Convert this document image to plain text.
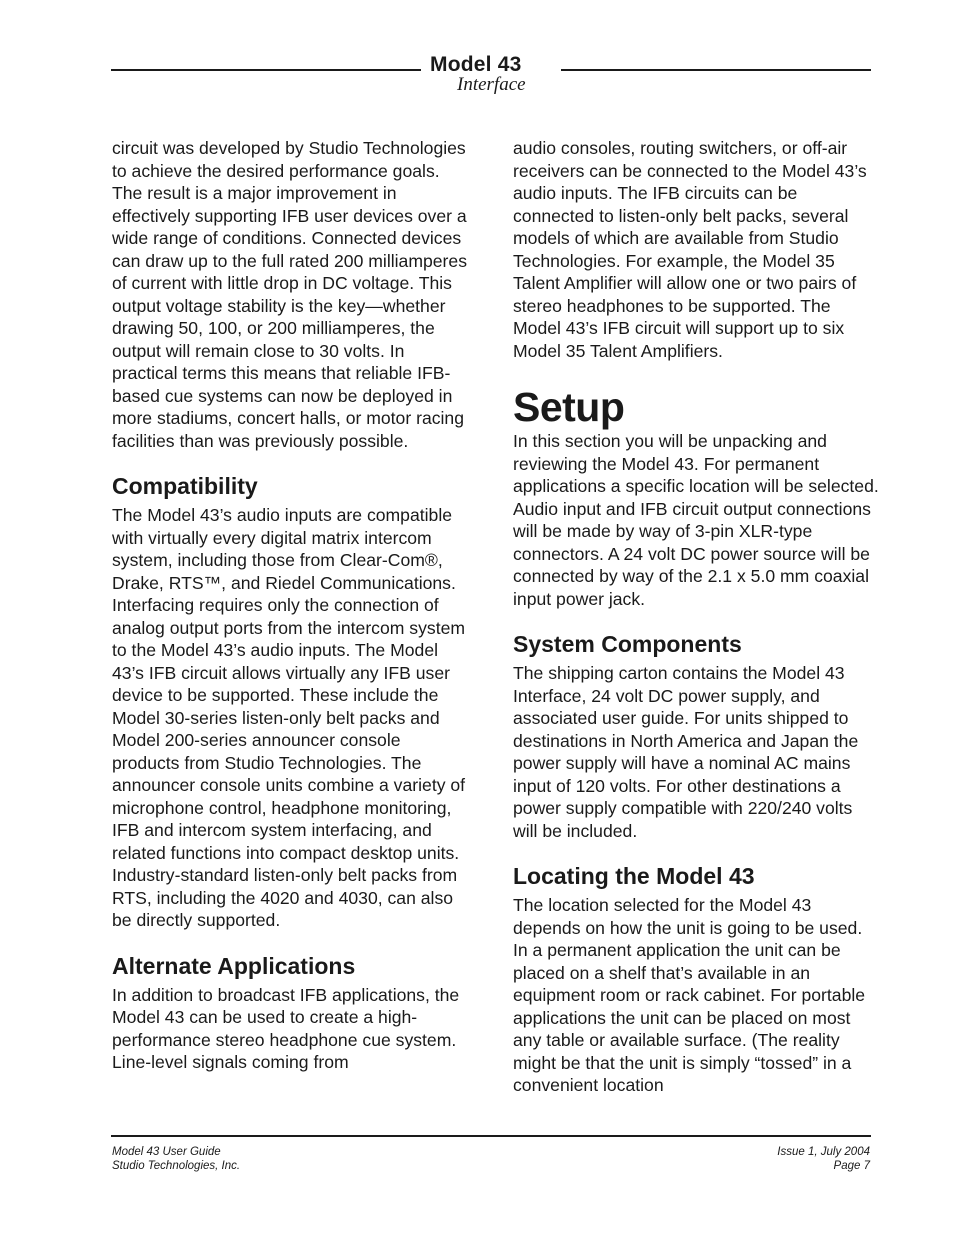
Model 43
Interface

circuit was developed by Studio Technologies to achieve the desired performance goals. The result is a major improvement in effectively supporting IFB user devices over a wide range of conditions. Connected devices can draw up to the full rated 200 milliamperes of current with little drop in DC voltage. This output voltage stability is the key—whether drawing 50, 100, or 200 milliamperes, the output will remain close to 30 volts. In practical terms this means that reliable IFB-based cue systems can now be deployed in more stadiums, concert halls, or motor racing facilities than was previously possible.

Compatibility

The Model 43’s audio inputs are compatible with virtually every digital matrix intercom system, including those from Clear-Com®, Drake, RTS™, and Riedel Communications. Interfacing requires only the connection of analog output ports from the intercom system to the Model 43’s audio inputs. The Model 43’s IFB circuit allows virtually any IFB user device to be supported. These include the Model 30-series listen-only belt packs and Model 200-series announcer console products from Studio Technologies. The announcer console units combine a variety of microphone control, headphone monitoring, IFB and intercom system interfacing, and related functions into compact desktop units. Industry-standard listen-only belt packs from RTS, including the 4020 and 4030, can also be directly supported.

Alternate Applications

In addition to broadcast IFB applications, the Model 43 can be used to create a high-performance stereo headphone cue system. Line-level signals coming from

audio consoles, routing switchers, or off-air receivers can be connected to the Model 43’s audio inputs. The IFB circuits can be connected to listen-only belt packs, several models of which are available from Studio Technologies. For example, the Model 35 Talent Amplifier will allow one or two pairs of stereo headphones to be supported. The Model 43’s IFB circuit will support up to six Model 35 Talent Amplifiers.

Setup

In this section you will be unpacking and reviewing the Model 43. For permanent applications a specific location will be selected. Audio input and IFB circuit output connections will be made by way of 3-pin XLR-type connectors. A 24 volt DC power source will be connected by way of the 2.1 x 5.0 mm coaxial input power jack.

System Components

The shipping carton contains the Model 43 Interface, 24 volt DC power supply, and associated user guide. For units shipped to destinations in North America and Japan the power supply will have a nominal AC mains input of 120 volts. For other destinations a power supply compatible with 220/240 volts will be included.

Locating the Model 43

The location selected for the Model 43 depends on how the unit is going to be used. In a permanent application the unit can be placed on a shelf that’s available in an equipment room or rack cabinet. For portable applications the unit can be placed on most any table or available surface. (The reality might be that the unit is simply “tossed” in a convenient location

Model 43 User Guide
Studio Technologies, Inc.
Issue 1, July 2004
Page 7
